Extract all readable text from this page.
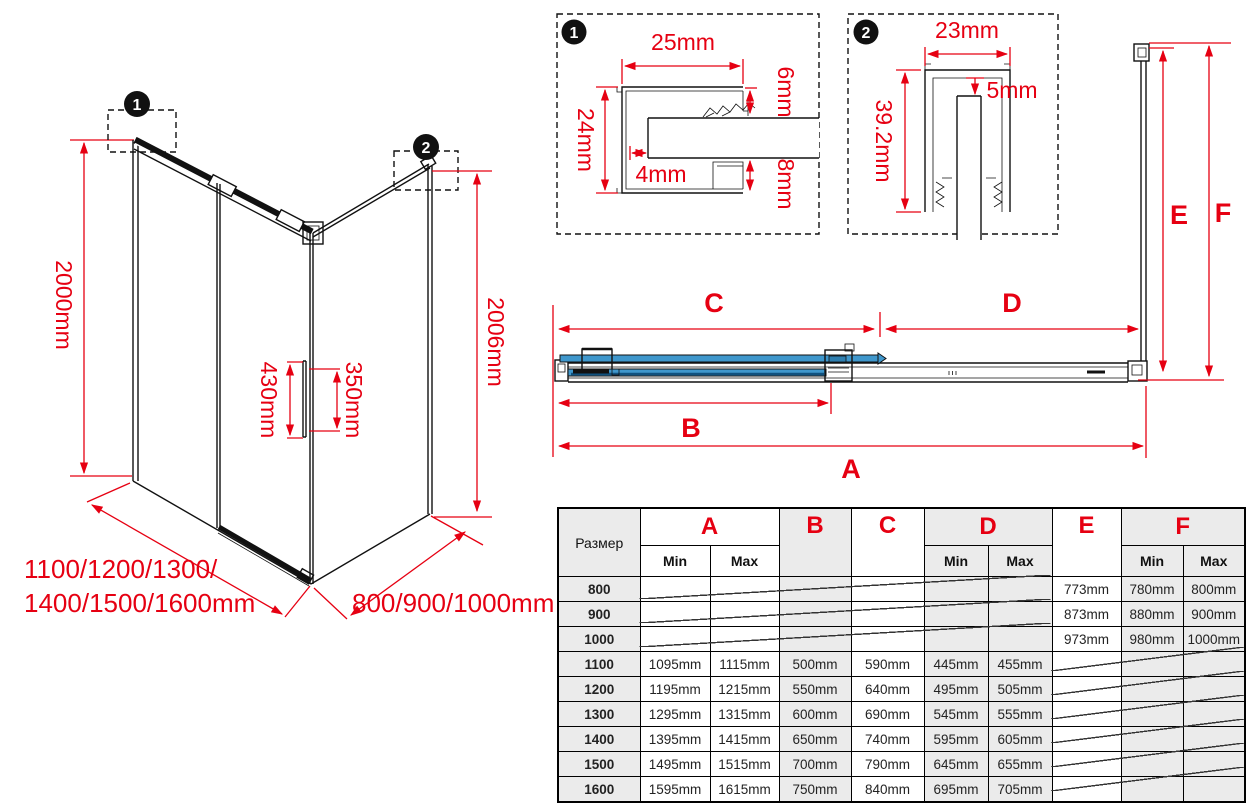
2000mm
1
2
2006mm
430mm	350mm
1100/1200/1300/
1400/1500/1600mm	800/900/1000mm
1	25mm
24mm
4mm
6mm
8mm
2	23mm
5mm
39.2mm
C	D
B
A
E F
Размер	A		B	C	D		E	F	
	Min	Max			Min	Max		Min	Max
800							773mm	780mm	800mm
900							873mm	880mm	900mm
1000							973mm	980mm	1000mm
1100	1095mm	1115mm	500mm	590mm	445mm	455mm			
1200	1195mm	1215mm	550mm	640mm	495mm	505mm			
1300	1295mm	1315mm	600mm	690mm	545mm	555mm			
1400	1395mm	1415mm	650mm	740mm	595mm	605mm			
1500	1495mm	1515mm	700mm	790mm	645mm	655mm			
1600	1595mm	1615mm	750mm	840mm	695mm	705mm			
